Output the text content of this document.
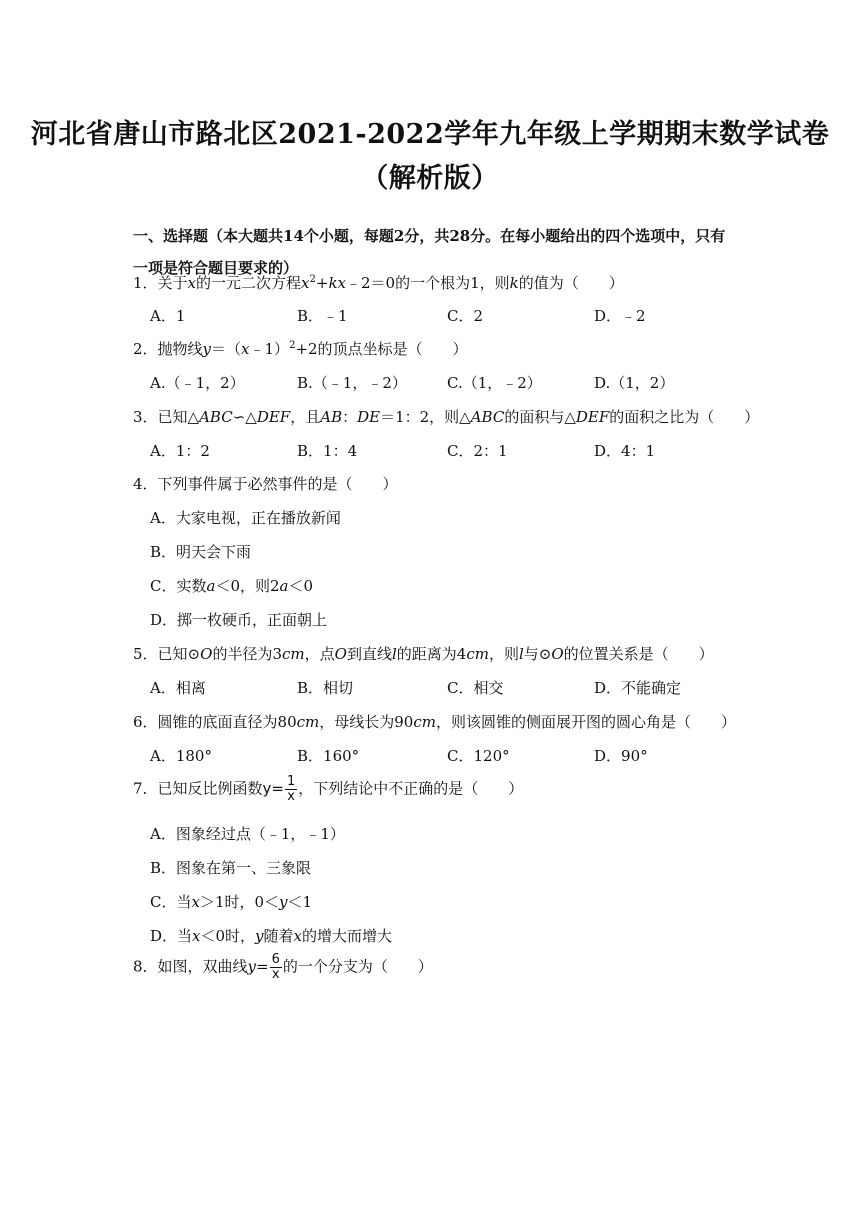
河北省唐山市路北区2021-2022学年九年级上学期期末数学试卷
（解析版）
一、选择题（本大题共14个小题，每题2分，共28分。在每小题给出的四个选项中，只有一项是符合题目要求的）
1．关于x的一元二次方程$x^2+kx﹣2=0$的一个根为1，则k的值为（　　）
A．1	B．﹣1	C．2	D．﹣2
2．抛物线y＝（x﹣1）$^2$+2的顶点坐标是（　　）
A.（﹣1，2）	B.（﹣1，﹣2）	C.（1，﹣2）	D.（1，2）
3．已知△ABC∽△DEF，且AB：DE＝1：2，则△ABC的面积与△DEF的面积之比为（　　）
A．1：2	B．1：4	C．2：1	D．4：1
4．下列事件属于必然事件的是（　　）
A．大家电视，正在播放新闻
B．明天会下雨
C．实数a＜0，则2a＜0
D．掷一枚硬币，正面朝上
5．已知⊙O的半径为3cm，点O到直线l的距离为4cm，则l与⊙O的位置关系是（　　）
A．相离	B．相切	C．相交	D．不能确定
6．圆锥的底面直径为80cm，母线长为90cm，则该圆锥的侧面展开图的圆心角是（　　）
A．180°	B．160°	C．120°	D．90°
7．已知反比例函数$y= \frac{1}{x}$ ，下列结论中不正确的是（　　）
A．图象经过点（﹣1，﹣1）
B．图象在第一、三象限
C．当x＞1时，0＜y＜1
D．当x＜0时，y随着x的增大而增大
8．如图，双曲线$y= \frac{6}{x}$ 的一个分支为（　　）
